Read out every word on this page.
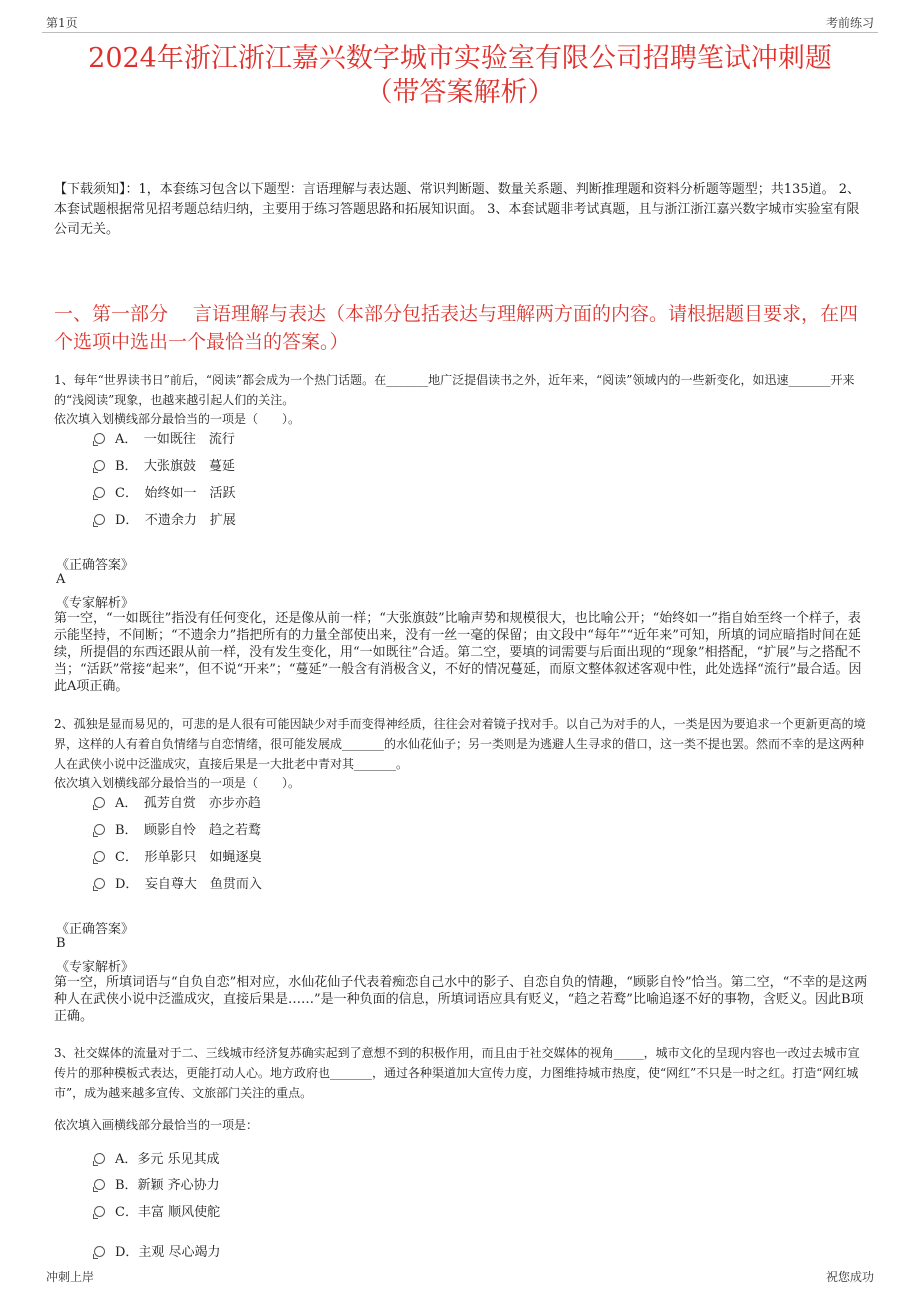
第1页	考前练习
2024年浙江浙江嘉兴数字城市实验室有限公司招聘笔试冲刺题
（带答案解析）
【下载须知】：1，本套练习包含以下题型：言语理解与表达题、常识判断题、数量关系题、判断推理题和资料分析题等题型；共135道。 2、本套试题根据常见招考题总结归纳，主要用于练习答题思路和拓展知识面。 3、本套试题非考试真题，且与浙江浙江嘉兴数字城市实验室有限公司无关。
一、第一部分　 言语理解与表达（本部分包括表达与理解两方面的内容。请根据题目要求，在四个选项中选出一个最恰当的答案。）
1、每年“世界读书日”前后，“阅读”都会成为一个热门话题。在_______地广泛提倡读书之外，近年来，“阅读”领域内的一些新变化，如迅速_______开来的“浅阅读”现象，也越来越引起人们的关注。
依次填入划横线部分最恰当的一项是（　　）。
A．　一如既往　流行
B．　大张旗鼓　蔓延
C．　始终如一　活跃
D．　不遗余力　扩展
《正确答案》
A
《专家解析》
第一空，“一如既往”指没有任何变化，还是像从前一样；“大张旗鼓”比喻声势和规模很大，也比喻公开；“始终如一”指自始至终一个样子，表示能坚持，不间断；“不遗余力”指把所有的力量全部使出来，没有一丝一毫的保留；由文段中“每年”“近年来”可知，所填的词应暗指时间在延续，所提倡的东西还跟从前一样，没有发生变化，用“一如既往”合适。第二空，要填的词需要与后面出现的“现象”相搭配，“扩展”与之搭配不当；“活跃”常接“起来”，但不说“开来”；“蔓延”一般含有消极含义，不好的情况蔓延，而原文整体叙述客观中性，此处选择“流行”最合适。因此A项正确。
2、孤独是显而易见的，可悲的是人很有可能因缺少对手而变得神经质，往往会对着镜子找对手。以自己为对手的人，一类是因为要追求一个更新更高的境界，这样的人有着自负情绪与自恋情绪，很可能发展成_______的水仙花仙子；另一类则是为逃避人生寻求的借口，这一类不提也罢。然而不幸的是这两种人在武侠小说中泛滥成灾，直接后果是一大批老中青对其_______。
依次填入划横线部分最恰当的一项是（　　）。
A．　孤芳自赏　亦步亦趋
B．　顾影自怜　趋之若鹜
C．　形单影只　如蝇逐臭
D．　妄自尊大　鱼贯而入
《正确答案》
B
《专家解析》
第一空，所填词语与“自负自恋”相对应，水仙花仙子代表着痴恋自己水中的影子、自恋自负的情趣，“顾影自怜”恰当。第二空，“不幸的是这两种人在武侠小说中泛滥成灾，直接后果是……”是一种负面的信息，所填词语应具有贬义，“趋之若鹜”比喻追逐不好的事物，含贬义。因此B项正确。
3、社交媒体的流量对于二、三线城市经济复苏确实起到了意想不到的积极作用，而且由于社交媒体的视角_____，城市文化的呈现内容也一改过去城市宣传片的那种模板式表达，更能打动人心。地方政府也_______，通过各种渠道加大宣传力度，力图维持城市热度，使“网红”不只是一时之红。打造“网红城市”，成为越来越多宣传、文旅部门关注的重点。
依次填入画横线部分最恰当的一项是：
A．多元 乐见其成
B．新颖 齐心协力
C．丰富 顺风使舵
D．主观 尽心竭力
冲刺上岸	祝您成功
